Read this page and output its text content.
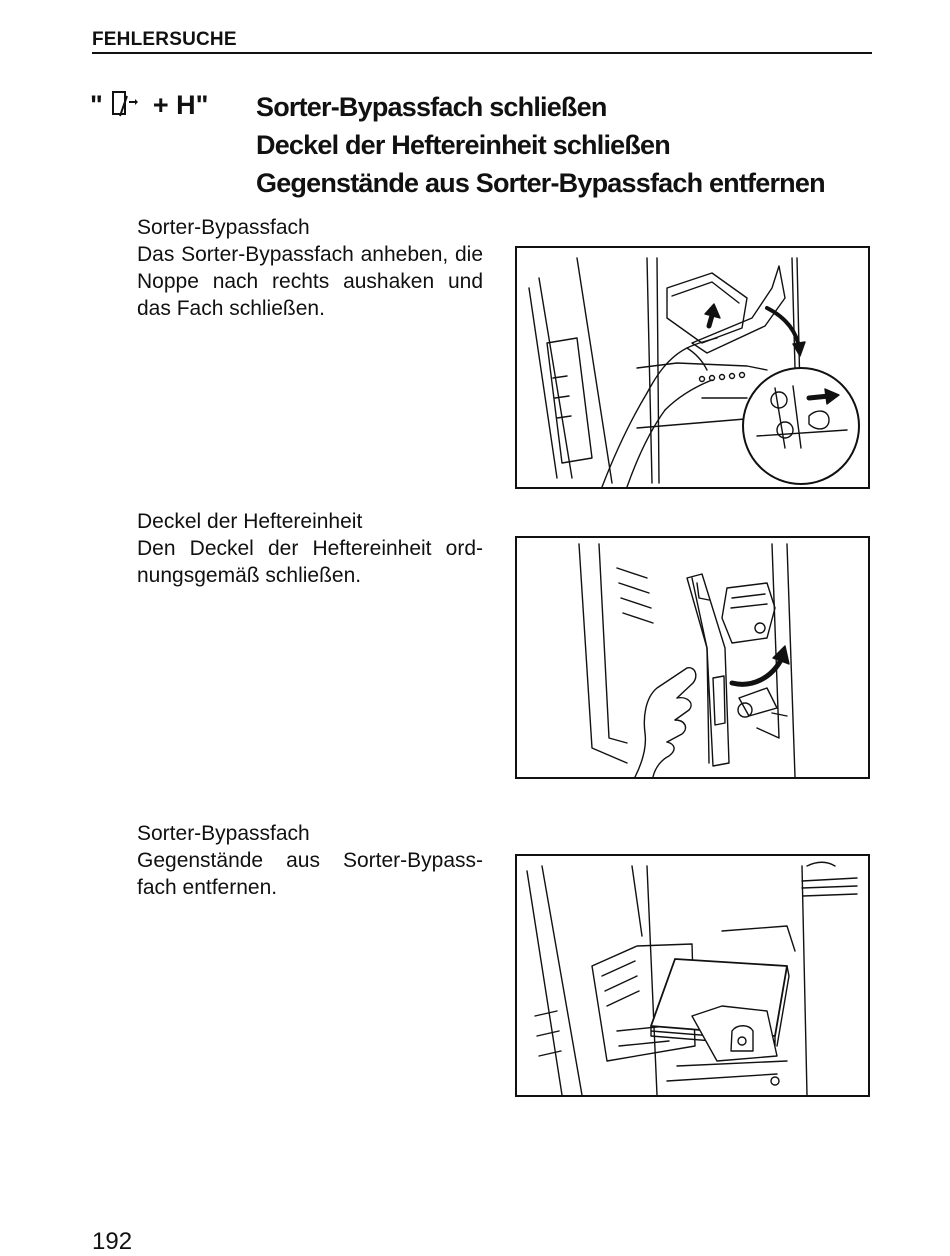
FEHLERSUCHE
" + H" Sorter-Bypassfach schließen
Deckel der Heftereinheit schließen
Gegenstände aus Sorter-Bypassfach entfernen
Sorter-Bypassfach
Das Sorter-Bypassfach anheben, die Noppe nach rechts aushaken und das Fach schließen.
Deckel der Heftereinheit
Den Deckel der Heftereinheit ord-nungsgemäß schließen.
Sorter-Bypassfach
Gegenstände aus Sorter-Bypass-fach entfernen.
192
